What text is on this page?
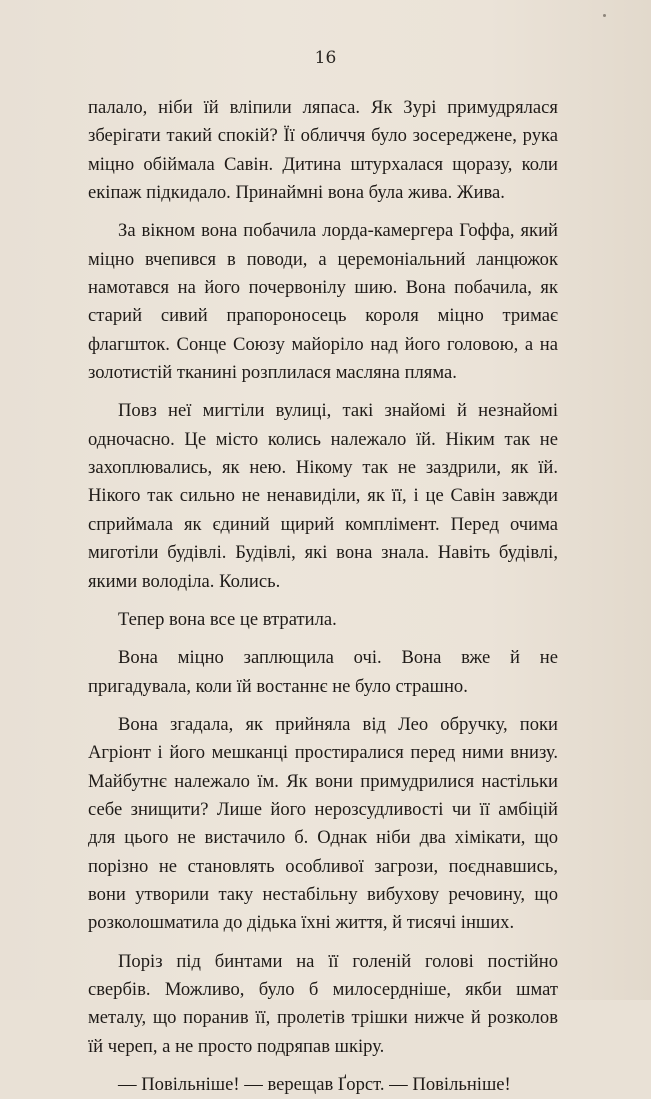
16

палало, ніби їй вліпили ляпаса. Як Зурі примудрялася зберігати такий спокій? Її обличчя було зосереджене, рука міцно обіймала Савін. Дитина штурхалася щоразу, коли екіпаж підкидало. Принаймні вона була жива. Жива.

За вікном вона побачила лорда-камергера Гоффа, який міцно вчепився в поводи, а церемоніальний ланцюжок намотався на його почервонілу шию. Вона побачила, як старий сивий прапороносець короля міцно тримає флагшток. Сонце Союзу майоріло над його головою, а на золотистій тканині розплилася масляна пляма.

Повз неї мигтіли вулиці, такі знайомі й незнайомі одночасно. Це місто колись належало їй. Ніким так не захоплювались, як нею. Нікому так не заздрили, як їй. Нікого так сильно не ненавиділи, як її, і це Савін завжди сприймала як єдиний щирий комплімент. Перед очима миготіли будівлі. Будівлі, які вона знала. Навіть будівлі, якими володіла. Колись.

Тепер вона все це втратила.

Вона міцно заплющила очі. Вона вже й не пригадувала, коли їй востаннє не було страшно.

Вона згадала, як прийняла від Лео обручку, поки Агріонт і його мешканці простиралися перед ними внизу. Майбутнє належало їм. Як вони примудрилися настільки себе знищити? Лише його нерозсудливості чи її амбіцій для цього не вистачило б. Однак ніби два хімікати, що порізно не становлять особливої загрози, поєднавшись, вони утворили таку нестабільну вибухову речовину, що розколошматила до дідька їхні життя, й тисячі інших.

Поріз під бинтами на її голеній голові постійно свербів. Можливо, було б милосердніше, якби шмат металу, що поранив її, пролетів трішки нижче й розколов їй череп, а не просто подряпав шкіру.

— Повільніше! — верещав Ґорст. — Повільніше!
